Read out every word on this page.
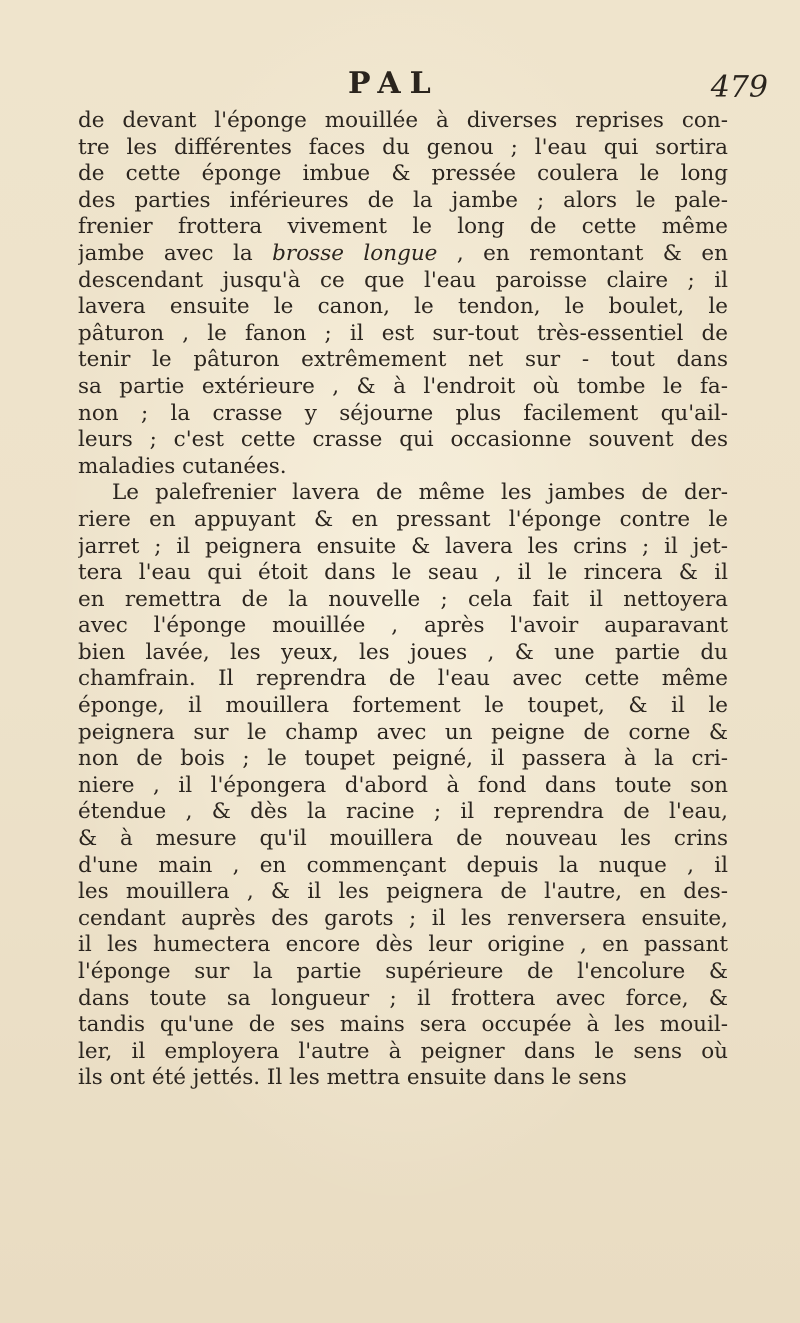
PAL	479
de devant l'éponge mouillée à diverses reprises con-
tre les différentes faces du genou ; l'eau qui sortira
de cette éponge imbue & pressée coulera le long
des parties inférieures de la jambe ; alors le pale-
frenier frottera vivement le long de cette même
jambe avec la brosse longue , en remontant & en
descendant jusqu'à ce que l'eau paroisse claire ; il
lavera ensuite le canon, le tendon, le boulet, le
pâturon , le fanon ; il est sur-tout très-essentiel de
tenir le pâturon extrêmement net sur - tout dans
sa partie extérieure , & à l'endroit où tombe le fa-
non ; la crasse y séjourne plus facilement qu'ail-
leurs ; c'est cette crasse qui occasionne souvent des
maladies cutanées.
Le palefrenier lavera de même les jambes de der-
riere en appuyant & en pressant l'éponge contre le
jarret ; il peignera ensuite & lavera les crins ; il jet-
tera l'eau qui étoit dans le seau , il le rincera & il
en remettra de la nouvelle ; cela fait il nettoyera
avec l'éponge mouillée , après l'avoir auparavant
bien lavée, les yeux, les joues , & une partie du
chamfrain. Il reprendra de l'eau avec cette même
éponge, il mouillera fortement le toupet, & il le
peignera sur le champ avec un peigne de corne &
non de bois ; le toupet peigné, il passera à la cri-
niere , il l'épongera d'abord à fond dans toute son
étendue , & dès la racine ; il reprendra de l'eau,
& à mesure qu'il mouillera de nouveau les crins
d'une main , en commençant depuis la nuque , il
les mouillera , & il les peignera de l'autre, en des-
cendant auprès des garots ; il les renversera ensuite,
il les humectera encore dès leur origine , en passant
l'éponge sur la partie supérieure de l'encolure &
dans toute sa longueur ; il frottera avec force, &
tandis qu'une de ses mains sera occupée à les mouil-
ler, il employera l'autre à peigner dans le sens où
ils ont été jettés. Il les mettra ensuite dans le sens
